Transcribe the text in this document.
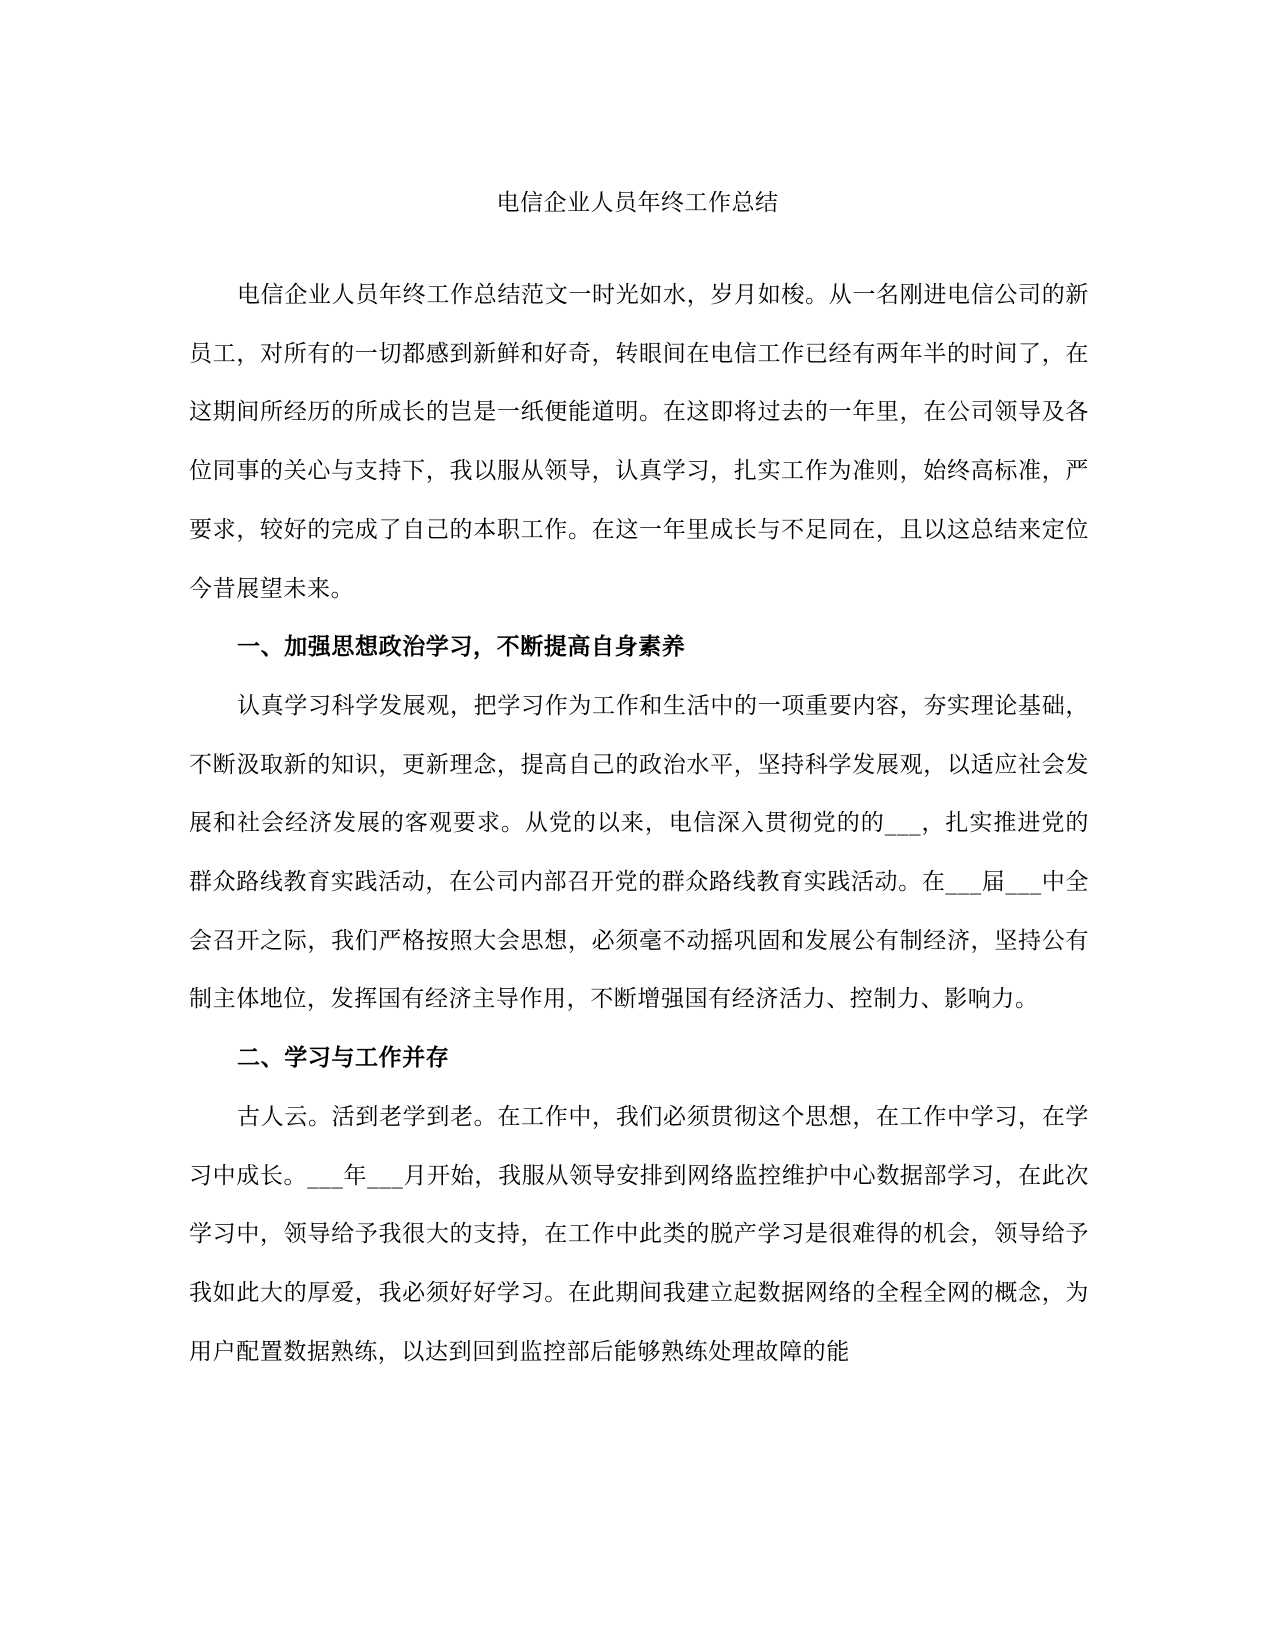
电信企业人员年终工作总结

电信企业人员年终工作总结范文一时光如水，岁月如梭。从一名刚进电信公司的新员工，对所有的一切都感到新鲜和好奇，转眼间在电信工作已经有两年半的时间了，在这期间所经历的所成长的岂是一纸便能道明。在这即将过去的一年里，在公司领导及各位同事的关心与支持下，我以服从领导，认真学习，扎实工作为准则，始终高标准，严要求，较好的完成了自己的本职工作。在这一年里成长与不足同在，且以这总结来定位今昔展望未来。

一、加强思想政治学习，不断提高自身素养

认真学习科学发展观，把学习作为工作和生活中的一项重要内容，夯实理论基础，不断汲取新的知识，更新理念，提高自己的政治水平，坚持科学发展观，以适应社会发展和社会经济发展的客观要求。从党的以来，电信深入贯彻党的的___，扎实推进党的群众路线教育实践活动，在公司内部召开党的群众路线教育实践活动。在___届___中全会召开之际，我们严格按照大会思想，必须毫不动摇巩固和发展公有制经济，坚持公有制主体地位，发挥国有经济主导作用，不断增强国有经济活力、控制力、影响力。

二、学习与工作并存

古人云。活到老学到老。在工作中，我们必须贯彻这个思想，在工作中学习，在学习中成长。___年___月开始，我服从领导安排到网络监控维护中心数据部学习，在此次学习中，领导给予我很大的支持，在工作中此类的脱产学习是很难得的机会，领导给予我如此大的厚爱，我必须好好学习。在此期间我建立起数据网络的全程全网的概念，为用户配置数据熟练，以达到回到监控部后能够熟练处理故障的能
